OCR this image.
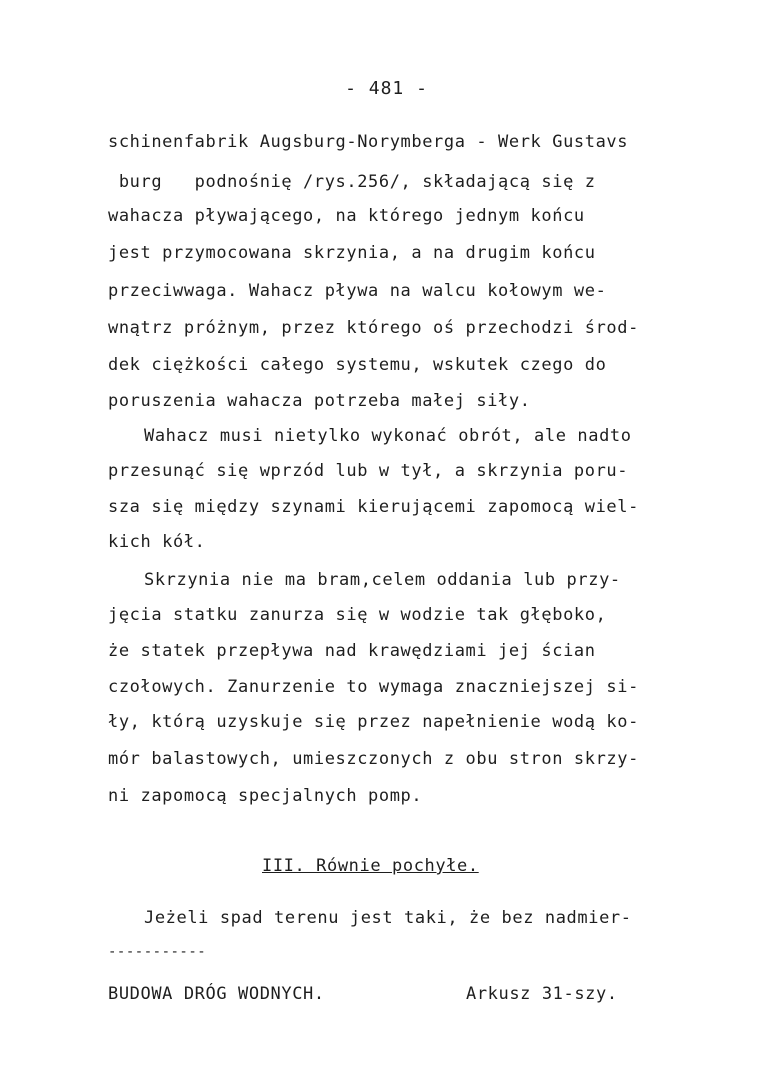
- 481 -
schinenfabrik Augsburg-Norymberga - Werk Gustavs
burg   podnośnię /rys.256/, składającą się z
wahacza pływającego, na którego jednym końcu
jest przymocowana skrzynia, a na drugim końcu
przeciwwaga. Wahacz pływa na walcu kołowym we-
wnątrz próżnym, przez którego oś przechodzi środ-
dek ciężkości całego systemu, wskutek czego do
poruszenia wahacza potrzeba małej siły.
Wahacz musi nietylko wykonać obrót, ale nadto
przesunąć się wprzód lub w tył, a skrzynia poru-
sza się między szynami kierującemi zapomocą wiel-
kich kół.
Skrzynia nie ma bram,celem oddania lub przy-
jęcia statku zanurza się w wodzie tak głęboko,
że statek przepływa nad krawędziami jej ścian
czołowych. Zanurzenie to wymaga znaczniejszej si-
ły, którą uzyskuje się przez napełnienie wodą ko-
mór balastowych, umieszczonych z obu stron skrzy-
ni zapomocą specjalnych pomp.
III. Równie pochyłe.
Jeżeli spad terenu jest taki, że bez nadmier-
-----------
BUDOWA DRÓG WODNYCH.	Arkusz 31-szy.
